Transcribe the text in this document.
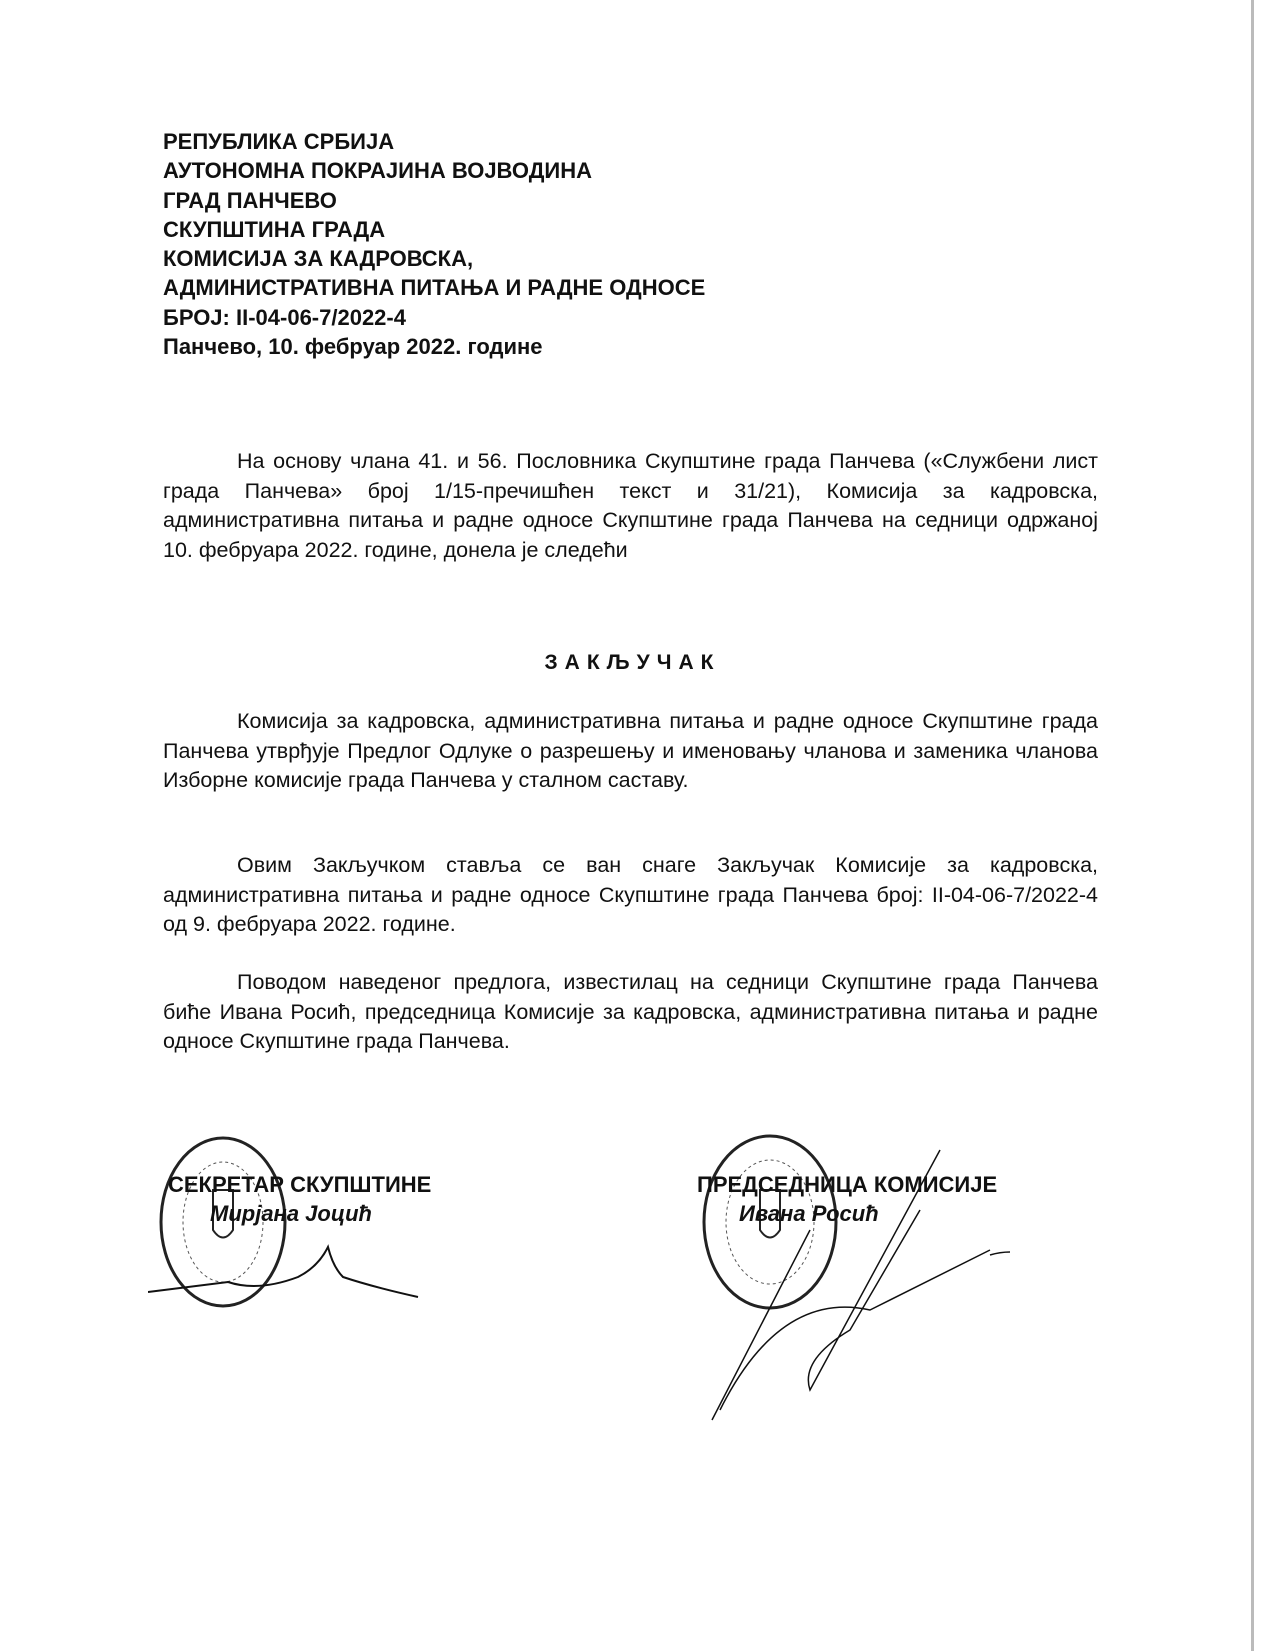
РЕПУБЛИКА СРБИЈА
АУТОНОМНА ПОКРАЈИНА ВОЈВОДИНА
ГРАД ПАНЧЕВО
СКУПШТИНА ГРАДА
КОМИСИЈА ЗА КАДРОВСКА,
АДМИНИСТРАТИВНА ПИТАЊА И РАДНЕ ОДНОСЕ
БРОЈ: II-04-06-7/2022-4
Панчево, 10. фебруар 2022. године

На основу члана 41. и 56. Пословника Скупштине града Панчева («Службени лист града Панчева» број 1/15-пречишћен текст и 31/21), Комисија за кадровска, административна питања и радне односе Скупштине града Панчева на седници одржаној 10. фебруара 2022. године, донела је следећи

ЗАКЉУЧАК

Комисија за кадровска, административна питања и радне односе Скупштине града Панчева утврђује Предлог Одлуке о разрешењу и именовању чланова и заменика чланова Изборне комисије града Панчева у сталном саставу.

Овим Закључком ставља се ван снаге Закључак Комисије за кадровска, административна питања и радне односе Скупштине града Панчева број: II-04-06-7/2022-4 од 9. фебруара 2022. године.

Поводом наведеног предлога, известилац на седници Скупштине града Панчева биће Ивана Росић, председница Комисије за кадровска, административна питања и радне односе Скупштине града Панчева.

СЕКРЕТАР СКУПШТИНЕ
Мирјана Јоцић
ПРЕДСЕДНИЦА КОМИСИЈЕ
Ивана Росић
